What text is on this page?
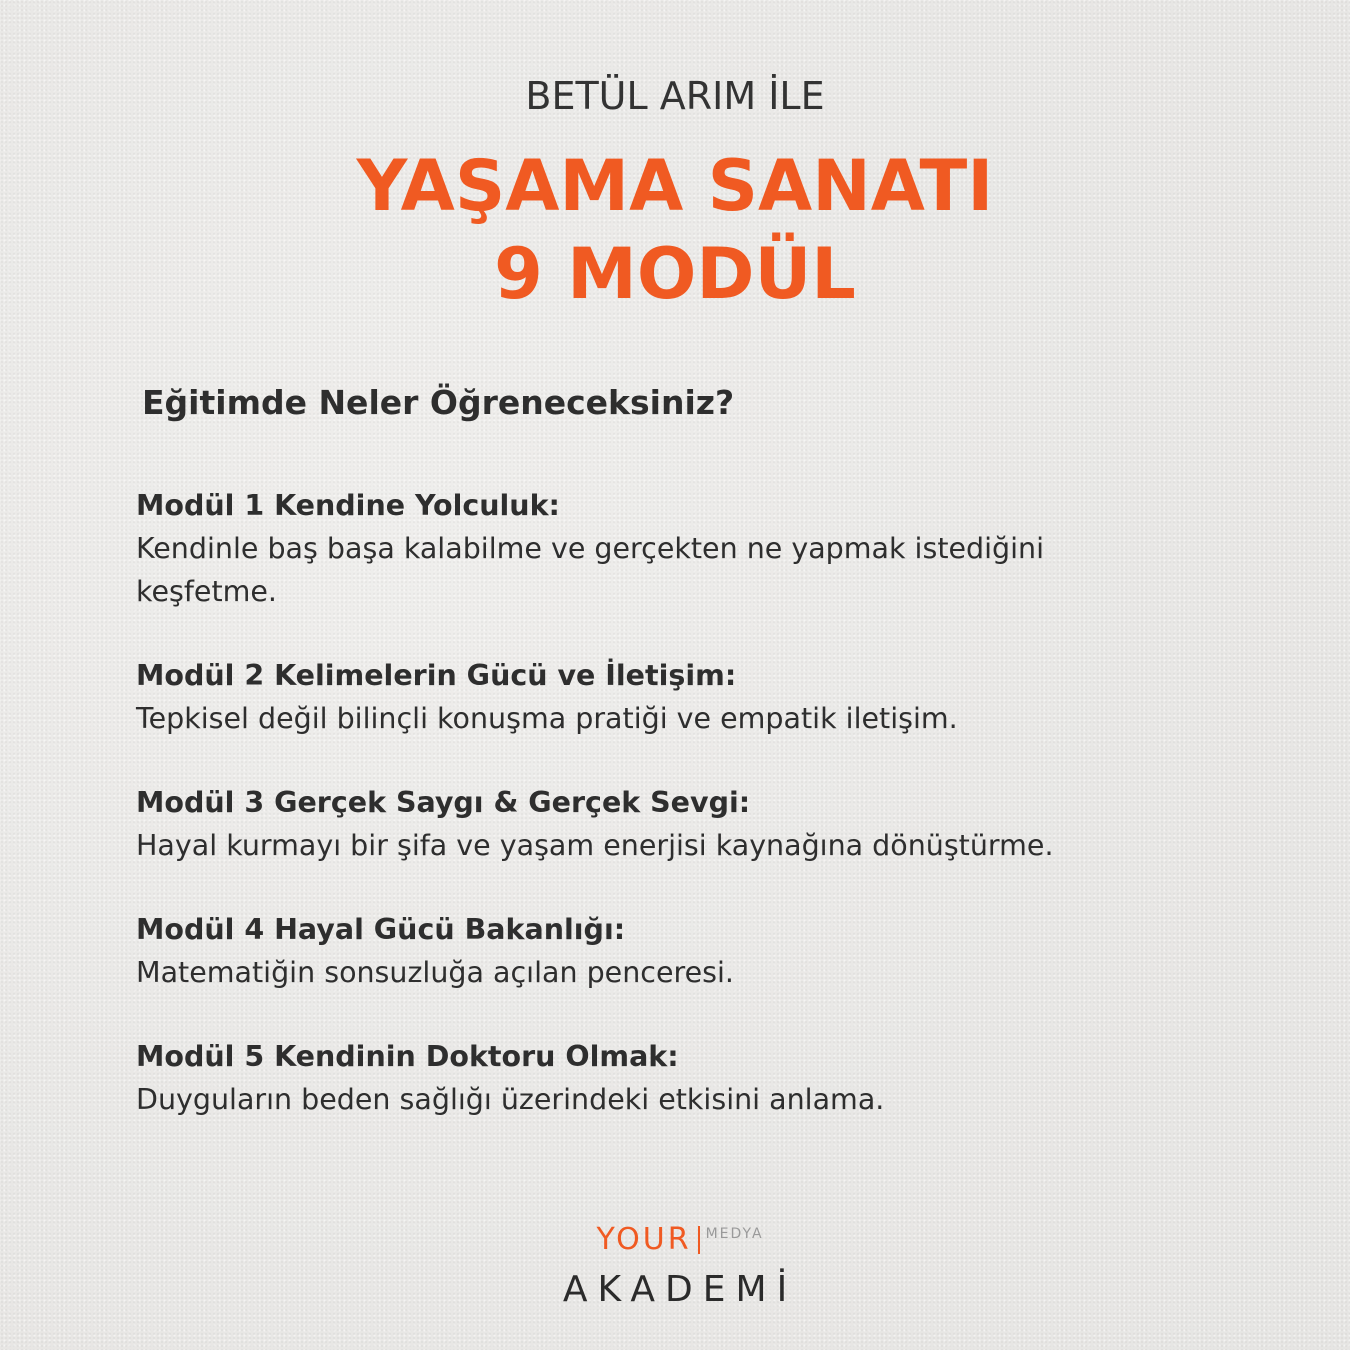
BETÜL ARIM İLE
YAŞAMA SANATI
9 MODÜL
Eğitimde Neler Öğreneceksiniz?
Modül 1 Kendine Yolculuk:
Kendinle baş başa kalabilme ve gerçekten ne yapmak istediğini keşfetme.
Modül 2 Kelimelerin Gücü ve İletişim:
Tepkisel değil bilinçli konuşma pratiği ve empatik iletişim.
Modül 3 Gerçek Saygı & Gerçek Sevgi:
Hayal kurmayı bir şifa ve yaşam enerjisi kaynağına dönüştürme.
Modül 4 Hayal Gücü Bakanlığı:
Matematiğin sonsuzluğa açılan penceresi.
Modül 5 Kendinin Doktoru Olmak:
Duyguların beden sağlığı üzerindeki etkisini anlama.
YOUR MEDYA
AKADEMİ
